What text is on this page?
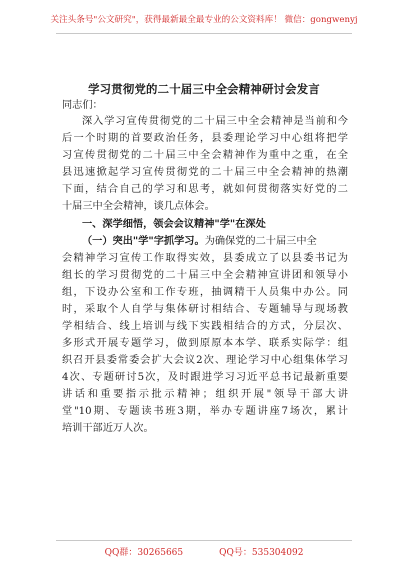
关注头条号"公文研究"，获得最新最全最专业的公文资料库！ 微信：gongwenyj
学习贯彻党的二十届三中全会精神研讨会发言
同志们：
深入学习宣传贯彻党的二十届三中全会精神是当前和今
后一个时期的首要政治任务，县委理论学习中心组将把学
习宣传贯彻党的二十届三中全会精神作为重中之重，在全
县迅速掀起学习宣传贯彻党的二十届三中全会精神的热潮
下面，结合自己的学习和思考，就如何贯彻落实好党的二
十届三中全会精神，谈几点体会。
一、深学细悟，领会会议精神"学"在深处
（一）突出"学"字抓学习。为确保党的二十届三中全
会精神学习宣传工作取得实效，县委成立了以县委书记为
组长的学习贯彻党的二十届三中全会精神宣讲团和领导小
组，下设办公室和工作专班，抽调精干人员集中办公。同
时，采取个人自学与集体研讨相结合、专题辅导与现场教
学相结合、线上培训与线下实践相结合的方式，分层次、
多形式开展专题学习，做到原原本本学、联系实际学：组
织召开县委常委会扩大会议2次、理论学习中心组集体学习
4次、专题研讨5次，及时跟进学习习近平总书记最新重要
讲话和重要指示批示精神；组织开展"领导干部大讲
堂"10期、专题读书班3期，举办专题讲座7场次，累计
培训干部近万人次。
QQ群：30265665	QQ号：535304092
